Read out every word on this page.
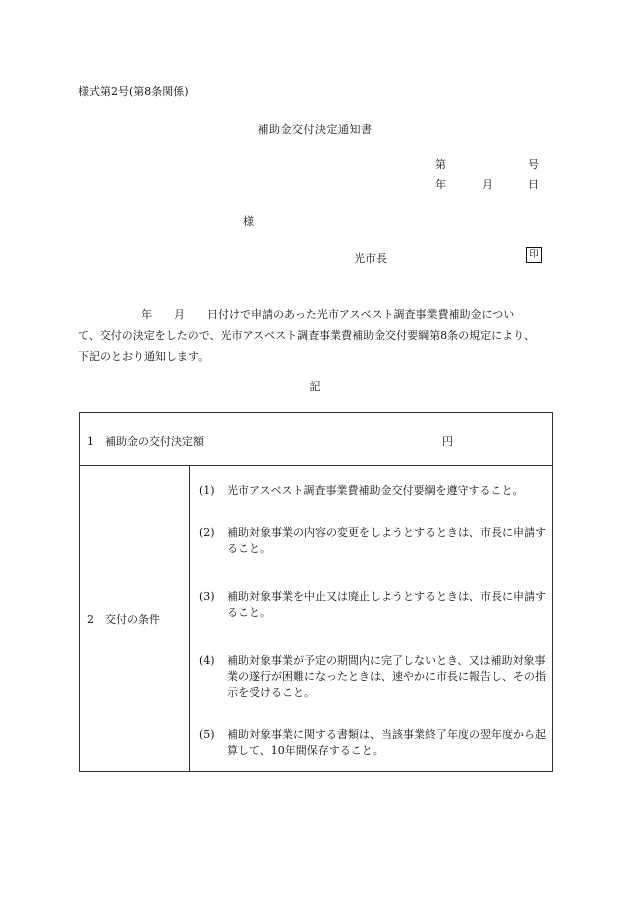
様式第2号(第8条関係)
補助金交付決定通知書
第	号
年	月	日
様
光市長	印
年　　月　　日付けで申請のあった光市アスベスト調査事業費補助金につい
て、交付の決定をしたので、光市アスベスト調査事業費補助金交付要綱第8条の規定により、
下記のとおり通知します。
記
1　補助金の交付決定額	円

2　交付の条件	
(1)	光市アスベスト調査事業費補助金交付要綱を遵守すること。
(2)	補助対象事業の内容の変更をしようとするときは、市長に申請すること。
(3)	補助対象事業を中止又は廃止しようとするときは、市長に申請すること。
(4)	補助対象事業が予定の期間内に完了しないとき、又は補助対象事業の遂行が困難になったときは、速やかに市長に報告し、その指示を受けること。
(5)	補助対象事業に関する書類は、当該事業終了年度の翌年度から起算して、10年間保存すること。
